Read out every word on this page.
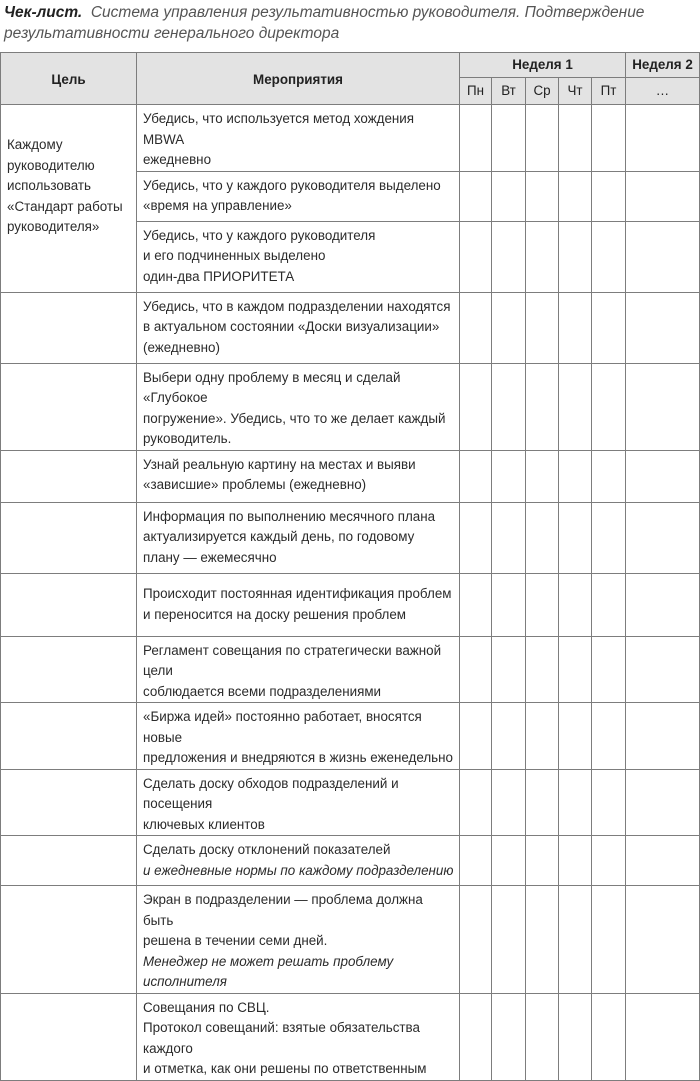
Чек-лист. Система управления результативностью руководителя. Подтверждение результативности генерального директора
Цель	Мероприятия	Неделя 1					Неделя 2
		Пн	Вт	Ср	Чт	Пт	…
Каждому руководителю использовать «Стандарт работы руководителя»	Убедись, что используется метод хождения MBWA
ежедневно						

	Убедись, что у каждого руководителя выделено
«время на управление»						

	Убедись, что у каждого руководителя
и его подчиненных выделено
один-два ПРИОРИТЕТА						

	Убедись, что в каждом подразделении находятся
в актуальном состоянии «Доски визуализации»
(ежедневно)						

	Выбери одну проблему в месяц и сделай «Глубокое
погружение». Убедись, что то же делает каждый
руководитель.						

	Узнай реальную картину на местах и выяви
«зависшие» проблемы (ежедневно)						

	Информация по выполнению месячного плана
актуализируется каждый день, по годовому
плану — ежемесячно						

	Происходит постоянная идентификация проблем
и переносится на доску решения проблем						

	Регламент совещания по стратегически важной цели
соблюдается всеми подразделениями						

	«Биржа идей» постоянно работает, вносятся новые
предложения и внедряются в жизнь еженедельно						

	Сделать доску обходов подразделений и посещения
ключевых клиентов						

	Сделать доску отклонений показателей
и ежедневные нормы по каждому подразделению						

	Экран в подразделении — проблема должна быть
решена в течении семи дней.
Менеджер не может решать проблему исполнителя						

	Совещания по СВЦ.
Протокол совещаний: взятые обязательства каждого
и отметка, как они решены по ответственным						
